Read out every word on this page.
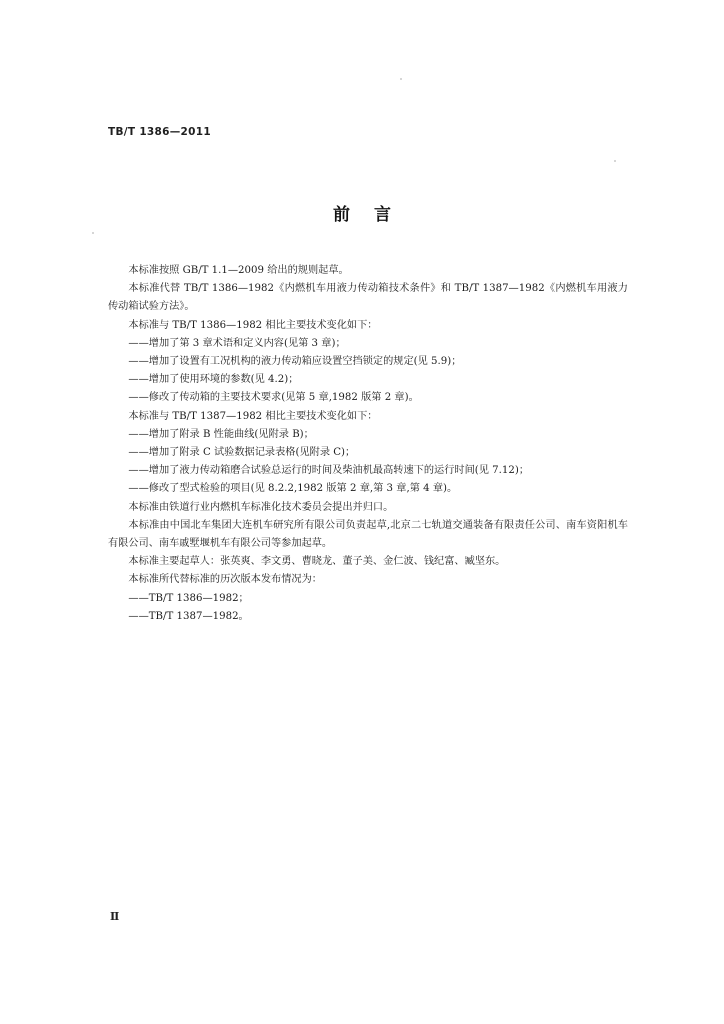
TB/T 1386—2011
前言

本标准按照 GB/T 1.1—2009 给出的规则起草。

本标准代替 TB/T 1386—1982《内燃机车用液力传动箱技术条件》和 TB/T 1387—1982《内燃机车用液力传动箱试验方法》。

本标准与 TB/T 1386—1982 相比主要技术变化如下：

——增加了第 3 章术语和定义内容(见第 3 章)；

——增加了设置有工况机构的液力传动箱应设置空挡锁定的规定(见 5.9)；

——增加了使用环境的参数(见 4.2)；

——修改了传动箱的主要技术要求(见第 5 章,1982 版第 2 章)。

本标准与 TB/T 1387—1982 相比主要技术变化如下：

——增加了附录 B 性能曲线(见附录 B)；

——增加了附录 C 试验数据记录表格(见附录 C)；

——增加了液力传动箱磨合试验总运行的时间及柴油机最高转速下的运行时间(见 7.12)；

——修改了型式检验的项目(见 8.2.2,1982 版第 2 章,第 3 章,第 4 章)。

本标准由铁道行业内燃机车标准化技术委员会提出并归口。

本标准由中国北车集团大连机车研究所有限公司负责起草,北京二七轨道交通装备有限责任公司、南车资阳机车有限公司、南车戚墅堰机车有限公司等参加起草。

本标准主要起草人：张英爽、李文勇、曹晓龙、董子美、金仁波、钱纪富、臧坚东。

本标准所代替标准的历次版本发布情况为：

——TB/T 1386—1982；

——TB/T 1387—1982。

Ⅱ
